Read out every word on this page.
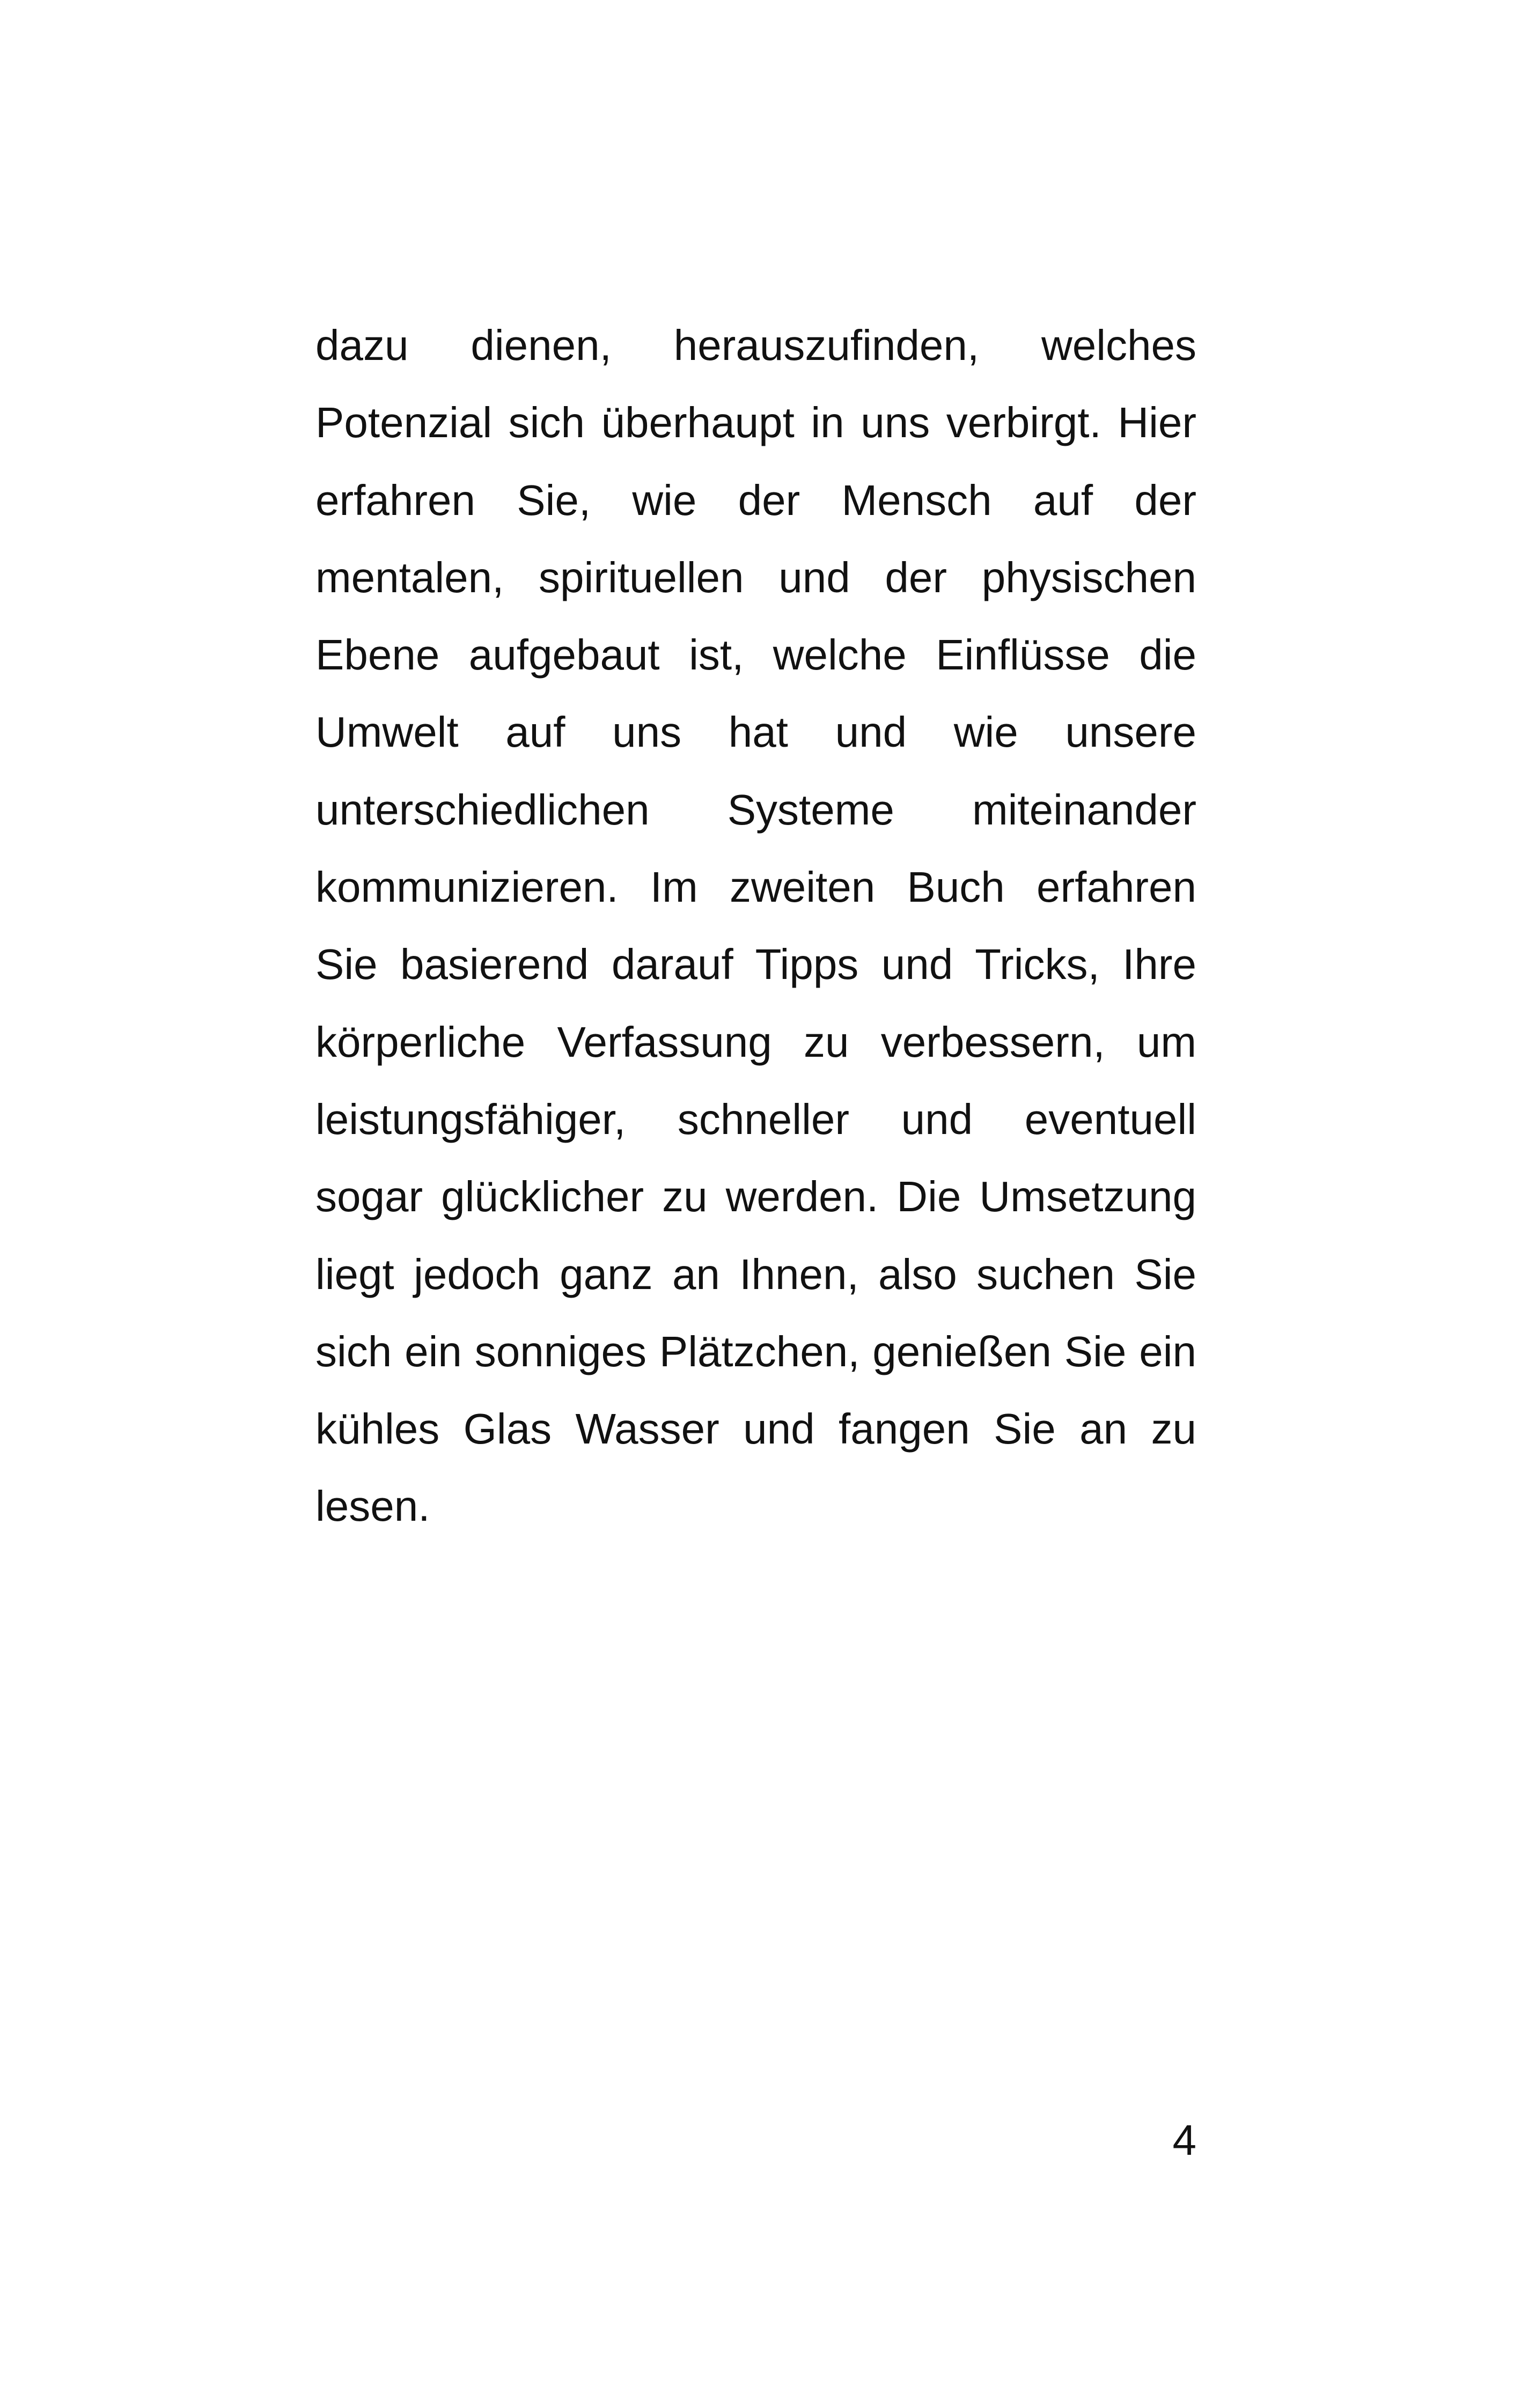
dazu dienen, herauszufinden, welches
Potenzial sich überhaupt in uns verbirgt. Hier
erfahren Sie, wie der Mensch auf der
mentalen, spirituellen und der physischen
Ebene aufgebaut ist, welche Einflüsse die
Umwelt auf uns hat und wie unsere
unterschiedlichen Systeme miteinander
kommunizieren. Im zweiten Buch erfahren
Sie basierend darauf Tipps und Tricks, Ihre
körperliche Verfassung zu verbessern, um
leistungsfähiger, schneller und eventuell
sogar glücklicher zu werden. Die Umsetzung
liegt jedoch ganz an Ihnen, also suchen Sie
sich ein sonniges Plätzchen, genießen Sie ein
kühles Glas Wasser und fangen Sie an zu
lesen.
4
